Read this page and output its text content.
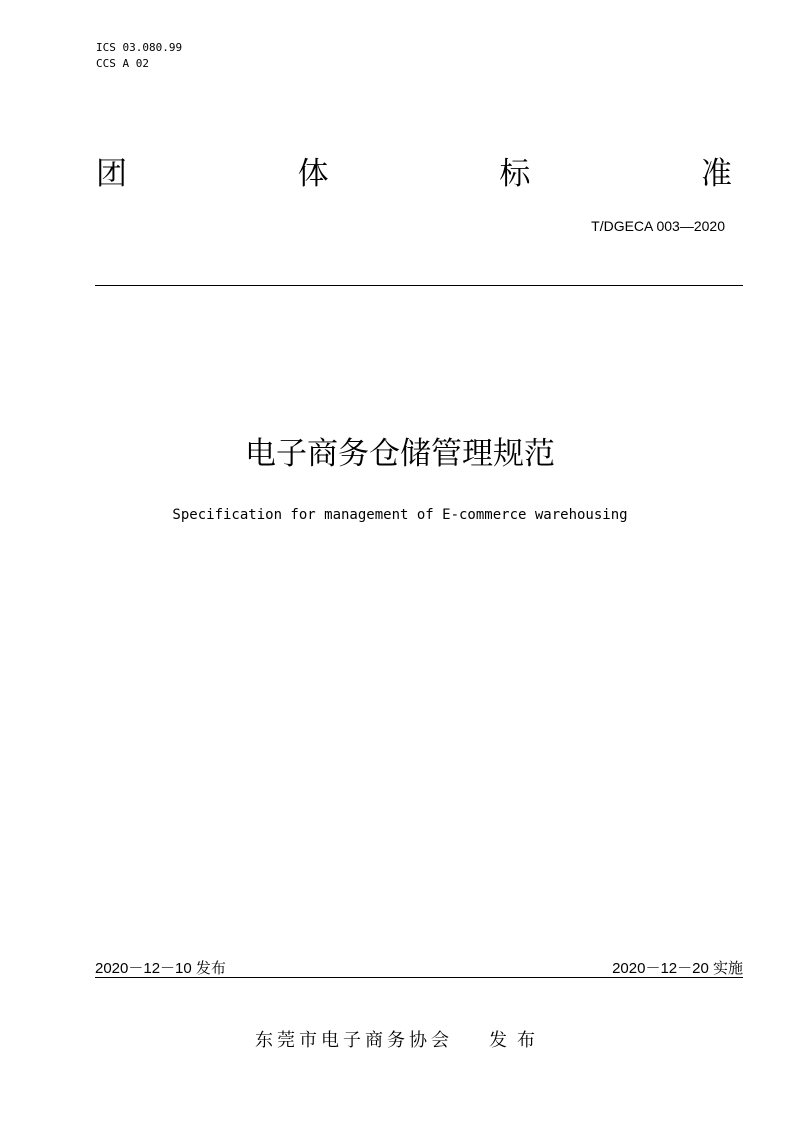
ICS 03.080.99
CCS A 02
团	体	标	准
T/DGECA 003—2020
电子商务仓储管理规范
Specification for management of E-commerce warehousing
2020－12－10 发布	2020－12－20 实施
东莞市电子商务协会 发布
